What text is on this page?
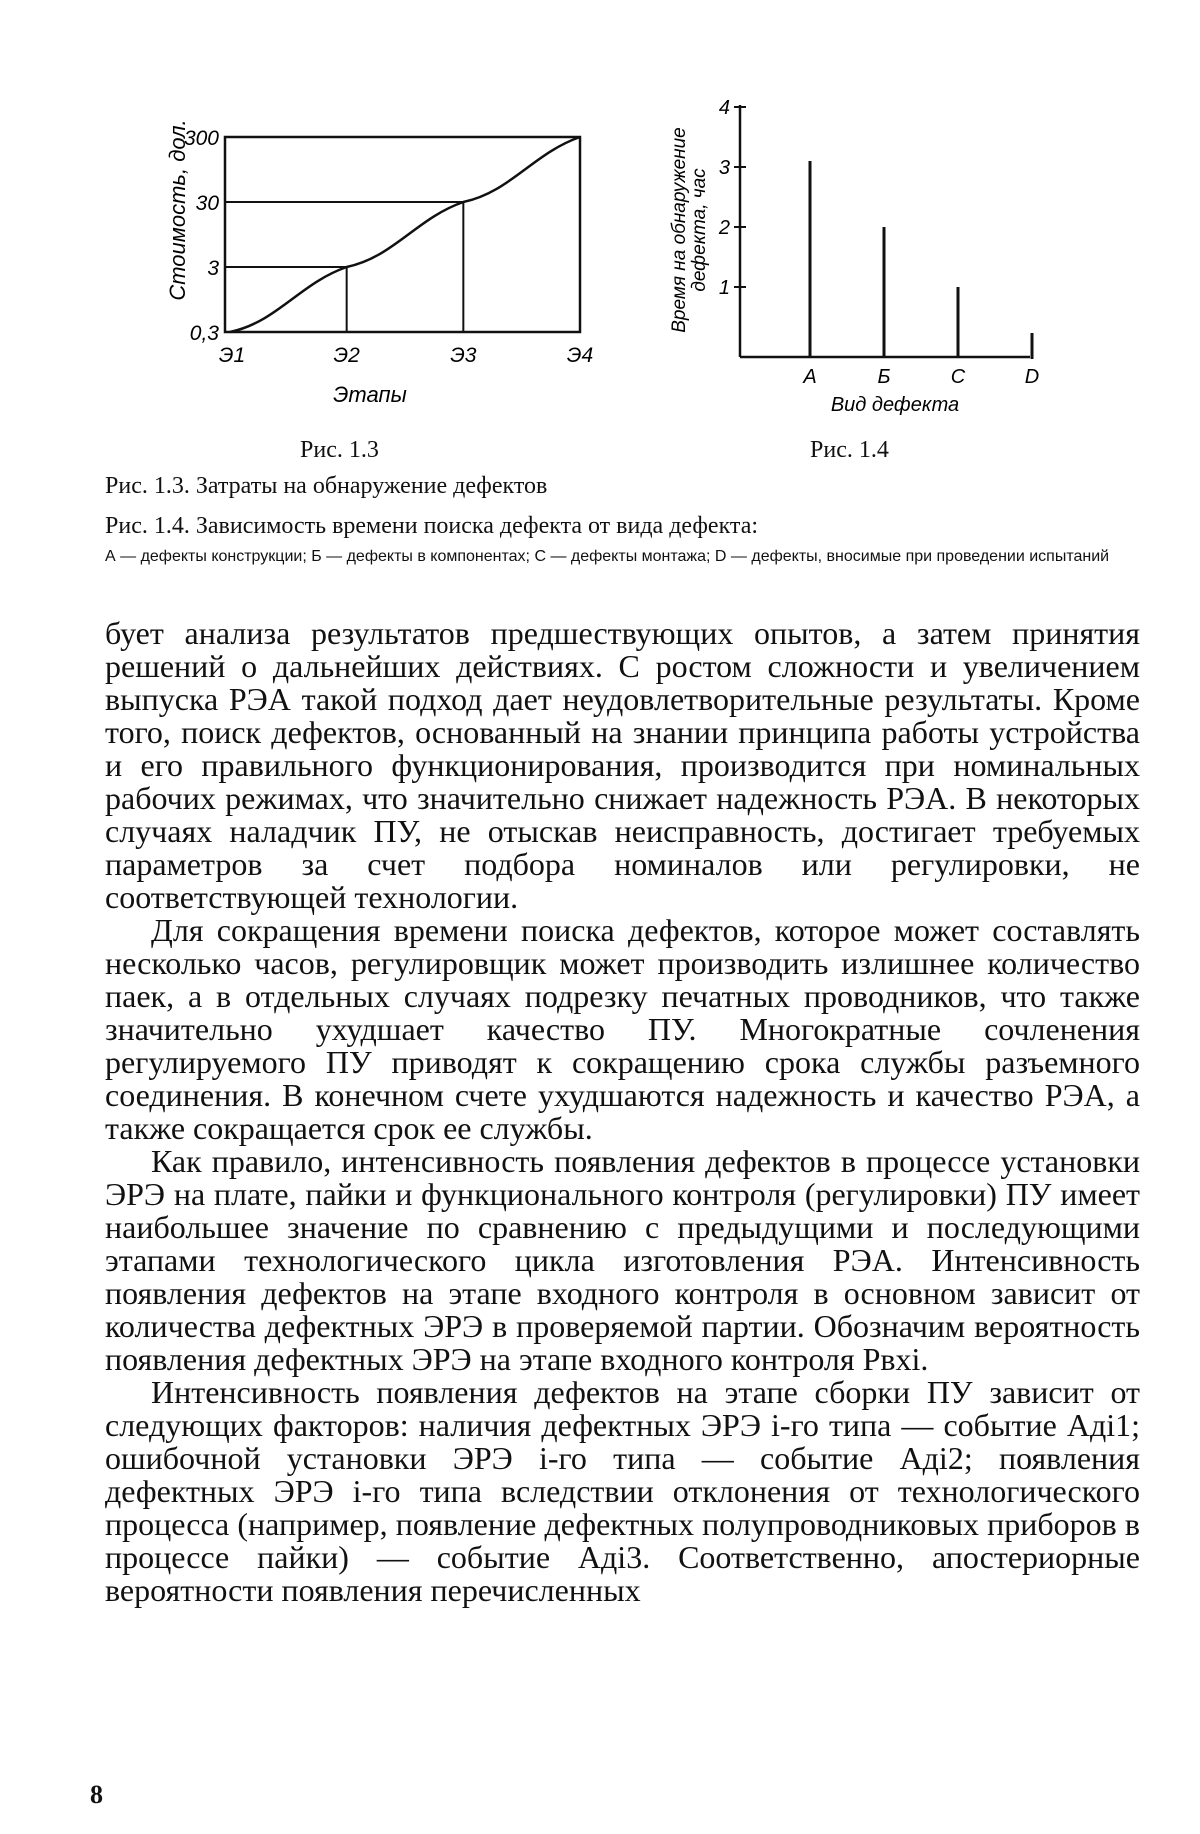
Стоимость, дол.
300
30
3
0,3
Э1	Э2	Э3	Э4
Этапы
Время на обнаружение дефекта, час
4
3
2
1
А	Б	С	D
Вид дефекта
Рис. 1.3	Рис. 1.4
Рис. 1.3. Затраты на обнаружение дефектов
Рис. 1.4. Зависимость времени поиска дефекта от вида дефекта:
А — дефекты конструкции; Б — дефекты в компонентах; С — дефекты монтажа; D — дефекты, вносимые при проведении испытаний

бует анализа результатов предшествующих опытов, а затем принятия решений о дальнейших действиях. С ростом сложности и увеличением выпуска РЭА такой подход дает неудовлетворительные результаты. Кроме того, поиск дефектов, основанный на знании принципа работы устройства и его правильного функционирования, производится при номинальных рабочих режимах, что значительно снижает надежность РЭА. В некоторых случаях наладчик ПУ, не отыскав неисправность, достигает требуемых параметров за счет подбора номиналов или регулировки, не соответствующей технологии.

Для сокращения времени поиска дефектов, которое может составлять несколько часов, регулировщик может производить излишнее количество паек, а в отдельных случаях подрезку печатных проводников, что также значительно ухудшает качество ПУ. Многократные сочленения регулируемого ПУ приводят к сокращению срока службы разъемного соединения. В конечном счете ухудшаются надежность и качество РЭА, а также сокращается срок ее службы.

Как правило, интенсивность появления дефектов в процессе установки ЭРЭ на плате, пайки и функционального контроля (регулировки) ПУ имеет наибольшее значение по сравнению с предыдущими и последующими этапами технологического цикла изготовления РЭА. Интенсивность появления дефектов на этапе входного контроля в основном зависит от количества дефектных ЭРЭ в проверяемой партии. Обозначим вероятность появления дефектных ЭРЭ на этапе входного контроля Pвхi.

Интенсивность появления дефектов на этапе сборки ПУ зависит от следующих факторов: наличия дефектных ЭРЭ i-го типа — событие Aдi1; ошибочной установки ЭРЭ i-го типа — событие Aдi2; появления дефектных ЭРЭ i-го типа вследствии отклонения от технологического процесса (например, появление дефектных полупроводниковых приборов в процессе пайки) — событие Aдi3. Соответственно, апостериорные вероятности появления перечисленных

8
